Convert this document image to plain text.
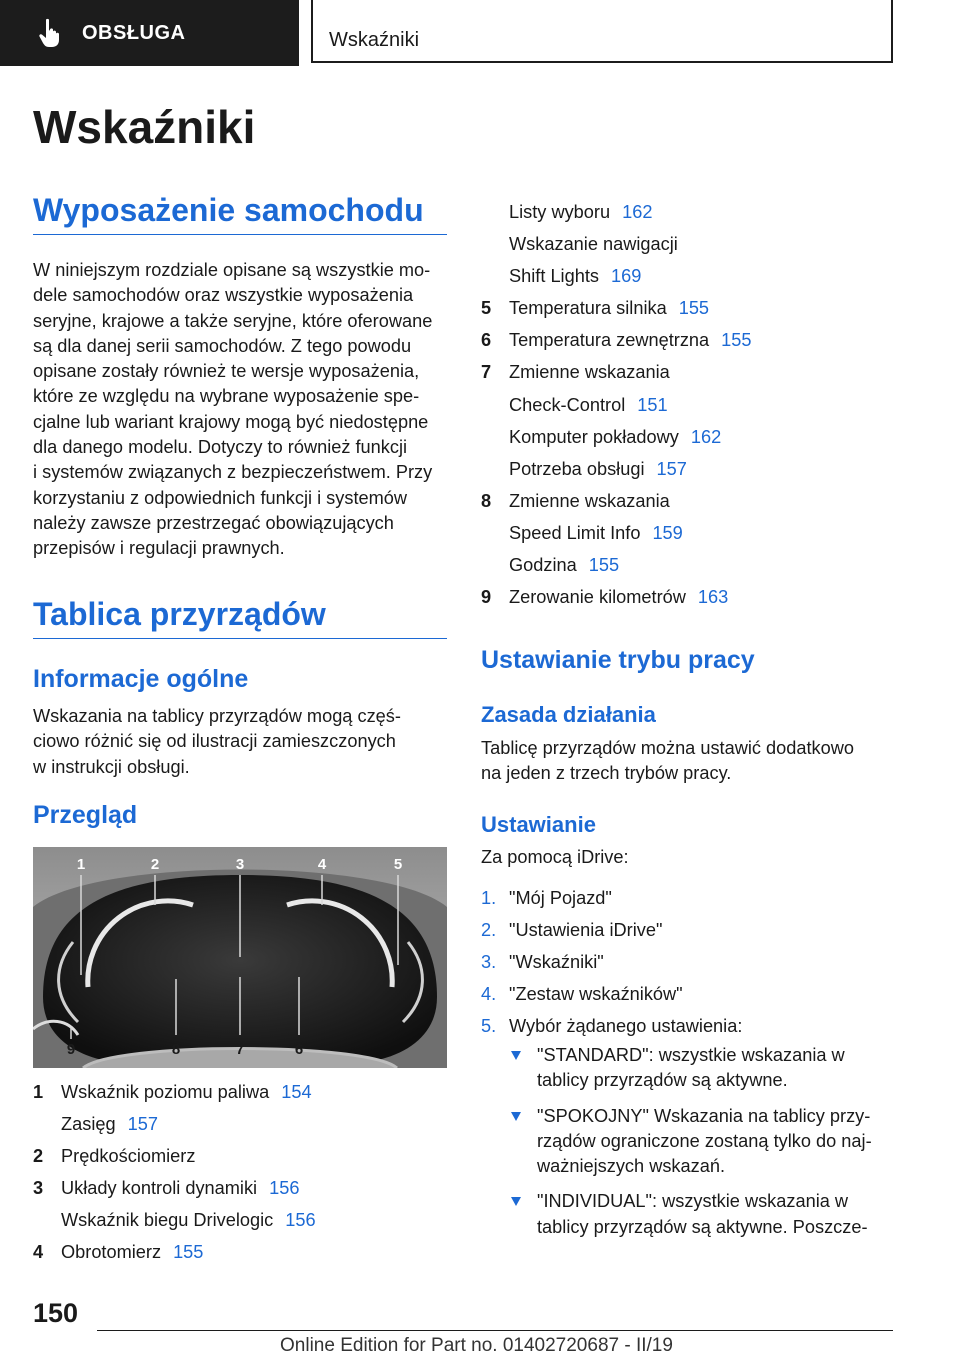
OBSŁUGA	Wskaźniki
Wskaźniki
Wyposażenie samochodu
W niniejszym rozdziale opisane są wszystkie mo-
dele samochodów oraz wszystkie wyposażenia
seryjne, krajowe a także seryjne, które oferowane
są dla danej serii samochodów. Z tego powodu
opisane zostały również te wersje wyposażenia,
które ze względu na wybrane wyposażenie spe-
cjalne lub wariant krajowy mogą być niedostępne
dla danego modelu. Dotyczy to również funkcji
i systemów związanych z bezpieczeństwem. Przy
korzystaniu z odpowiednich funkcji i systemów
należy zawsze przestrzegać obowiązujących
przepisów i regulacji prawnych.
Tablica przyrządów
Informacje ogólne
Wskazania na tablicy przyrządów mogą częś-
ciowo różnić się od ilustracji zamieszczonych
w instrukcji obsługi.
Przegląd
1	2	3	4	5
9	8	7	6
1 Wskaźnik poziomu paliwa 154
Zasięg 157
2 Prędkościomierz
3 Układy kontroli dynamiki 156
Wskaźnik biegu Drivelogic 156
4 Obrotomierz 155
Listy wyboru 162
Wskazanie nawigacji
Shift Lights 169
5 Temperatura silnika 155
6 Temperatura zewnętrzna 155
7 Zmienne wskazania
Check-Control 151
Komputer pokładowy 162
Potrzeba obsługi 157
8 Zmienne wskazania
Speed Limit Info 159
Godzina 155
9 Zerowanie kilometrów 163
Ustawianie trybu pracy
Zasada działania
Tablicę przyrządów można ustawić dodatkowo
na jeden z trzech trybów pracy.
Ustawianie
Za pomocą iDrive:
1. "Mój Pojazd"
2. "Ustawienia iDrive"
3. "Wskaźniki"
4. "Zestaw wskaźników"
5. Wybór żądanego ustawienia:
"STANDARD": wszystkie wskazania w
tablicy przyrządów są aktywne.
"SPOKOJNY" Wskazania na tablicy przy-
rządów ograniczone zostaną tylko do naj-
ważniejszych wskazań.
"INDIVIDUAL": wszystkie wskazania w
tablicy przyrządów są aktywne. Poszcze-
150
Online Edition for Part no. 01402720687 - II/19
